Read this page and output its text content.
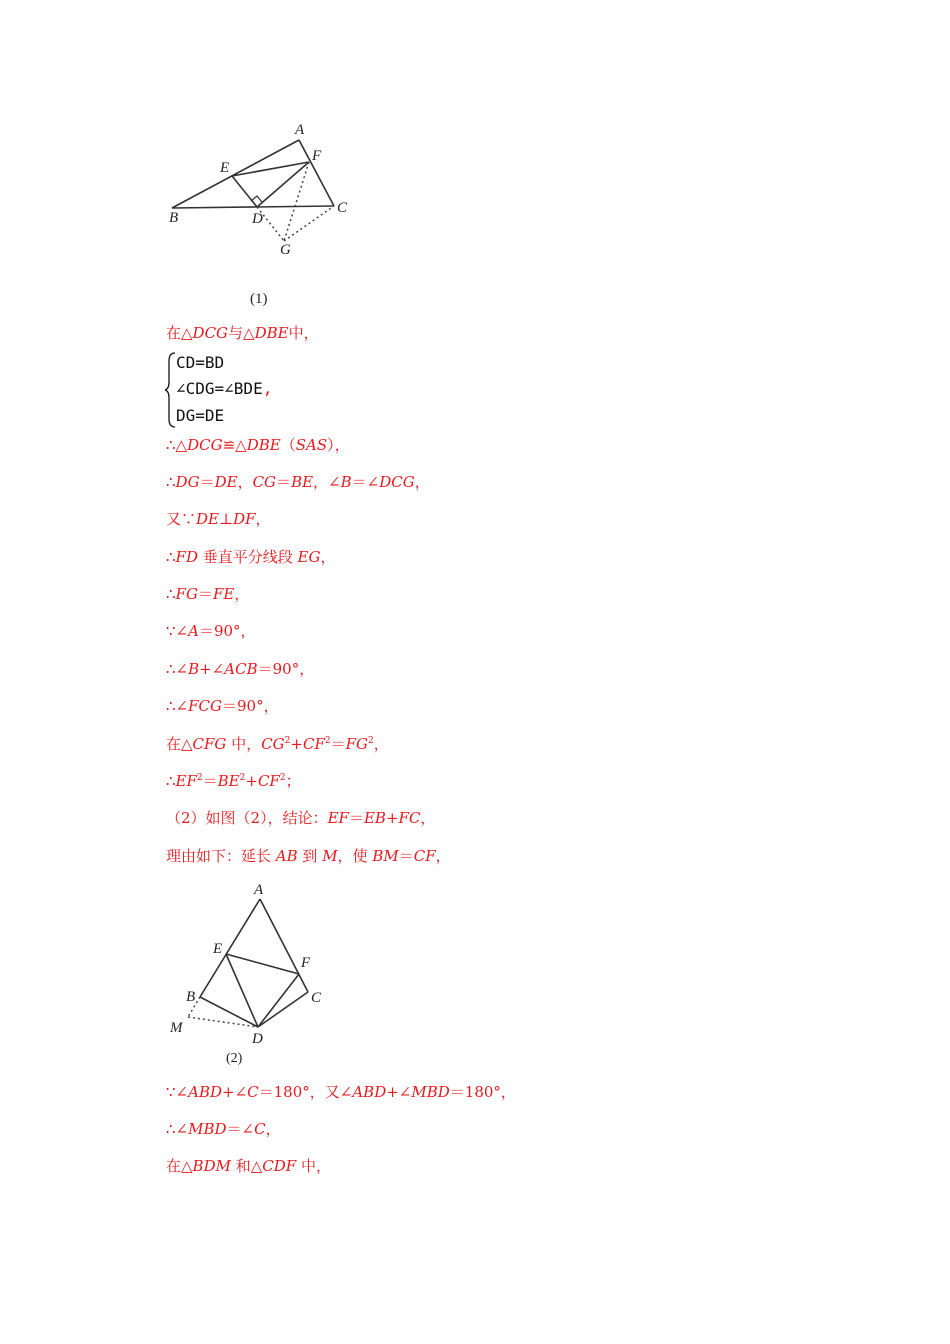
A
B
C
D
E
F
G
(1)
在△DCG与△DBE中，
CD=BD
∠CDG=∠BDE,
DG=DE
∴△DCG≌△DBE（SAS），
∴DG＝DE，CG＝BE，∠B＝∠DCG，
又∵DE⊥DF，
∴FD 垂直平分线段 EG，
∴FG＝FE，
∵∠A＝90°，
∴∠B+∠ACB＝90°，
∴∠FCG＝90°，
在△CFG 中，$CG^2+CF^2=FG^2$，
$\therefore EF^2=BE^2+CF^2$；
（2）如图（2），结论：EF＝EB+FC，
理由如下：延长 AB 到 M，使 BM＝CF，
A
B	C
D
E
F
M
(2)
∵∠ABD+∠C＝180°，又∠ABD+∠MBD＝180°，
∴∠MBD＝∠C，
在△BDM 和△CDF 中，
